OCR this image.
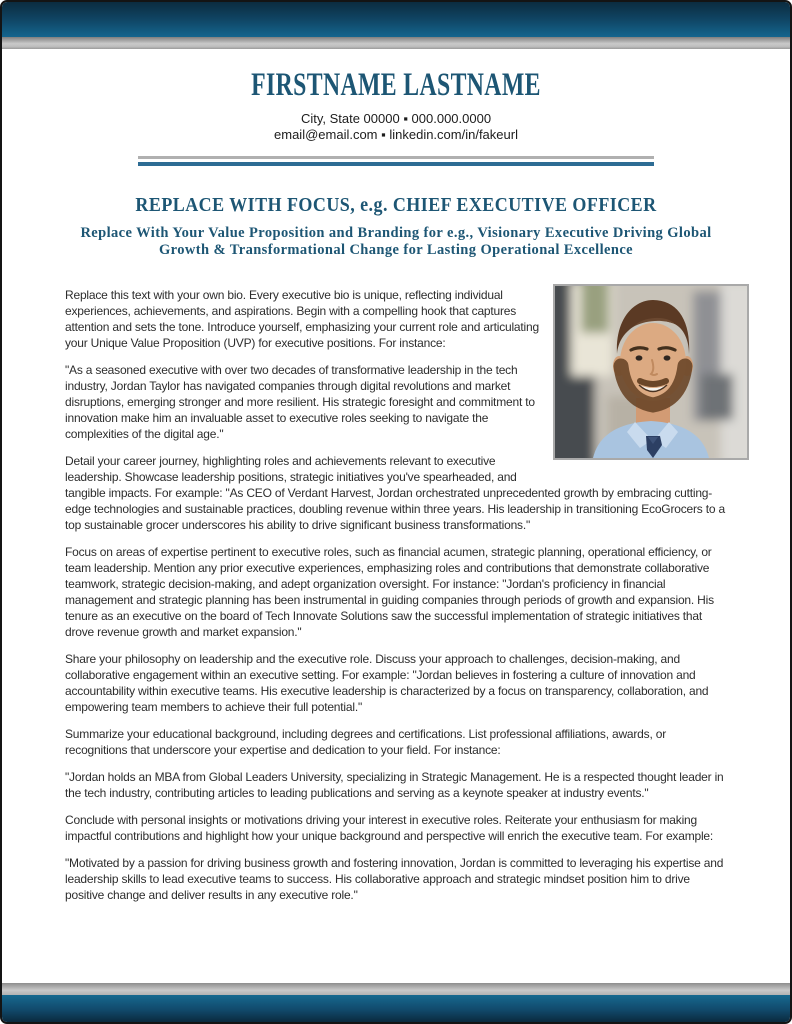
FIRSTNAME LASTNAME
City, State 00000 ▪ 000.000.0000
email@email.com ▪ linkedin.com/in/fakeurl
REPLACE WITH FOCUS, e.g. CHIEF EXECUTIVE OFFICER
Replace With Your Value Proposition and Branding for e.g., Visionary Executive Driving Global Growth & Transformational Change for Lasting Operational Excellence

Replace this text with your own bio. Every executive bio is unique, reflecting individual experiences, achievements, and aspirations. Begin with a compelling hook that captures attention and sets the tone. Introduce yourself, emphasizing your current role and articulating your Unique Value Proposition (UVP) for executive positions. For instance:

"As a seasoned executive with over two decades of transformative leadership in the tech industry, Jordan Taylor has navigated companies through digital revolutions and market disruptions, emerging stronger and more resilient. His strategic foresight and commitment to innovation make him an invaluable asset to executive roles seeking to navigate the complexities of the digital age."

Detail your career journey, highlighting roles and achievements relevant to executive leadership. Showcase leadership positions, strategic initiatives you've spearheaded, and tangible impacts. For example: "As CEO of Verdant Harvest, Jordan orchestrated unprecedented growth by embracing cutting-edge technologies and sustainable practices, doubling revenue within three years. His leadership in transitioning EcoGrocers to a top sustainable grocer underscores his ability to drive significant business transformations."

Focus on areas of expertise pertinent to executive roles, such as financial acumen, strategic planning, operational efficiency, or team leadership. Mention any prior executive experiences, emphasizing roles and contributions that demonstrate collaborative teamwork, strategic decision-making, and adept organization oversight. For instance: "Jordan's proficiency in financial management and strategic planning has been instrumental in guiding companies through periods of growth and expansion. His tenure as an executive on the board of Tech Innovate Solutions saw the successful implementation of strategic initiatives that drove revenue growth and market expansion."

Share your philosophy on leadership and the executive role. Discuss your approach to challenges, decision-making, and collaborative engagement within an executive setting. For example: "Jordan believes in fostering a culture of innovation and accountability within executive teams. His executive leadership is characterized by a focus on transparency, collaboration, and empowering team members to achieve their full potential."

Summarize your educational background, including degrees and certifications. List professional affiliations, awards, or recognitions that underscore your expertise and dedication to your field. For instance:

"Jordan holds an MBA from Global Leaders University, specializing in Strategic Management. He is a respected thought leader in the tech industry, contributing articles to leading publications and serving as a keynote speaker at industry events."

Conclude with personal insights or motivations driving your interest in executive roles. Reiterate your enthusiasm for making impactful contributions and highlight how your unique background and perspective will enrich the executive team. For example:

"Motivated by a passion for driving business growth and fostering innovation, Jordan is committed to leveraging his expertise and leadership skills to lead executive teams to success. His collaborative approach and strategic mindset position him to drive positive change and deliver results in any executive role."
